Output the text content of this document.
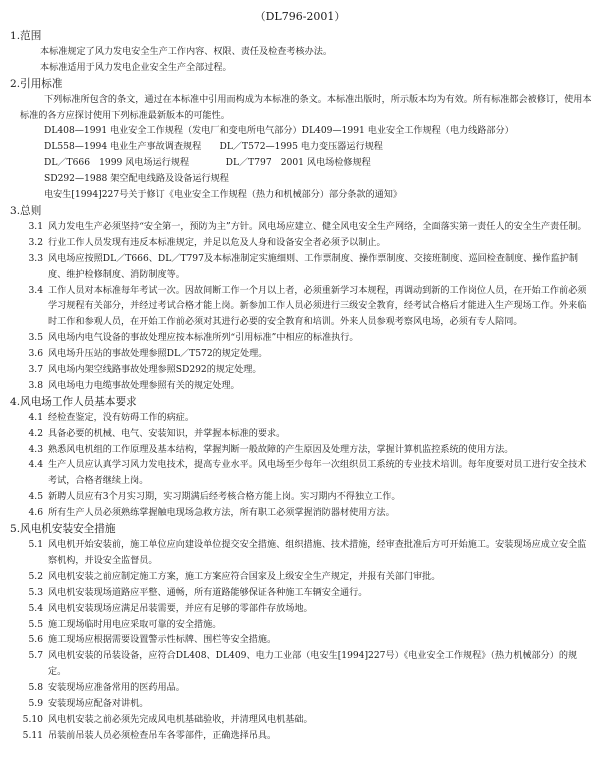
（DL796-2001）
1.范围
本标准规定了风力发电安全生产工作内容、权限、责任及检查考核办法。
本标准适用于风力发电企业安全生产全部过程。
2.引用标准
下列标准所包含的条文，通过在本标准中引用而构成为本标准的条文。本标准出版时，所示版本均为有效。所有标准都会被修订，使用本标准的各方应探讨使用下列标准最新版本的可能性。
DL408—1991 电业安全工作规程（发电厂和变电所电气部分）DL409—1991 电业安全工作规程（电力线路部分）
DL558—1994 电业生产事故调查规程　　DL／T572—1995 电力变压器运行规程
DL／T666　1999 风电场运行规程　　　　DL／T797　2001 风电场检修规程
SD292—1988 架空配电线路及设备运行规程
电安生[1994]227号关于修订《电业安全工作规程（热力和机械部分）部分条款的通知》
3.总则
3.1 风力发电生产必须坚持“安全第一，预防为主”方针。风电场应建立、健全风电安全生产网络，全面落实第一责任人的安全生产责任制。
3.2 行业工作人员发现有违反本标准规定，并足以危及人身和设备安全者必须予以制止。
3.3 风电场应按照DL／T666、DL／T797及本标准制定实施细则、工作票制度、操作票制度、交接班制度、巡回检查制度、操作监护制度、维护检修制度、消防制度等。
3.4 工作人员对本标准每年考试一次。因故间断工作一个月以上者，必须重新学习本规程，再调动到新的工作岗位人员，在开始工作前必须学习规程有关部分，并经过考试合格才能上岗。新参加工作人员必须进行三级安全教育，经考试合格后才能进入生产现场工作。外来临时工作和参观人员，在开始工作前必须对其进行必要的安全教育和培训。外来人员参观考察风电场，必须有专人陪同。
3.5 风电场内电气设备的事故处理应按本标准所列“引用标准”中相应的标准执行。
3.6 风电场升压站的事故处理参照DL／T572的规定处理。
3.7 风电场内架空线路事故处理参照SD292的规定处理。
3.8 风电场电力电缆事故处理参照有关的规定处理。
4.风电场工作人员基本要求
4.1 经检查鉴定，没有妨碍工作的病症。
4.2 具备必要的机械、电气、安装知识，并掌握本标准的要求。
4.3 熟悉风电机组的工作原理及基本结构，掌握判断一般故障的产生原因及处理方法，掌握计算机监控系统的使用方法。
4.4 生产人员应认真学习风力发电技术，提高专业水平。风电场至少每年一次组织员工系统的专业技术培训。每年度要对员工进行安全技术考试，合格者继续上岗。
4.5 新聘人员应有3个月实习期，实习期满后经考核合格方能上岗。实习期内不得独立工作。
4.6 所有生产人员必须熟练掌握触电现场急救方法，所有职工必须掌握消防器材使用方法。
5.风电机安装安全措施
5.1 风电机开始安装前，施工单位应向建设单位提交安全措施、组织措施、技术措施，经审查批准后方可开始施工。安装现场应成立安全监察机构，并设安全监督员。
5.2 风电机安装之前应制定施工方案，施工方案应符合国家及上级安全生产规定，并报有关部门审批。
5.3 风电机安装现场道路应平整、通畅，所有道路能够保证各种施工车辆安全通行。
5.4 风电机安装现场应满足吊装需要，并应有足够的零部件存放场地。
5.5 施工现场临时用电应采取可靠的安全措施。
5.6 施工现场应根据需要设置警示性标牌、围栏等安全措施。
5.7 风电机安装的吊装设备，应符合DL408、DL409、电力工业部（电安生[1994]227号）《电业安全工作规程》（热力机械部分）的规定。
5.8 安装现场应准备常用的医药用品。
5.9 安装现场应配备对讲机。
5.10 风电机安装之前必须先完成风电机基础验收，并清理风电机基础。
5.11 吊装前吊装人员必须检查吊车各零部件，正确选择吊具。
